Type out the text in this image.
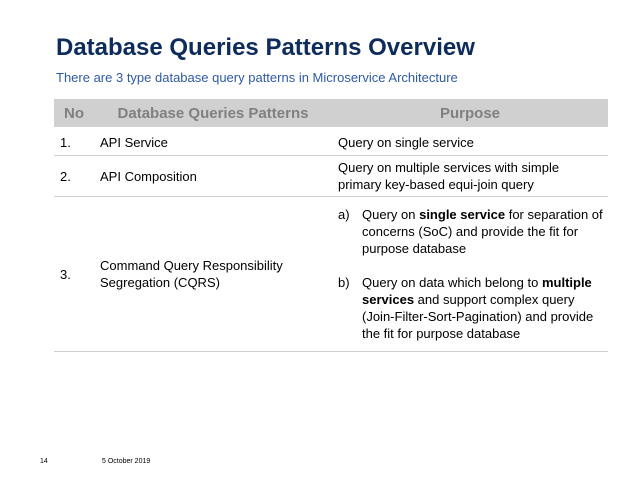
Database Queries Patterns Overview
There are 3 type database query patterns in Microservice Architecture
No	Database Queries Patterns	Purpose
1.	API Service	Query on single service
2.	API Composition	Query on multiple services with simple primary key-based equi-join query
3.	Command Query Responsibility Segregation (CQRS)	a) Query on single service for separation of concerns (SoC) and provide the fit for purpose database
b) Query on data which belong to multiple services and support complex query (Join-Filter-Sort-Pagination) and provide the fit for purpose database
14	5 October 2019
